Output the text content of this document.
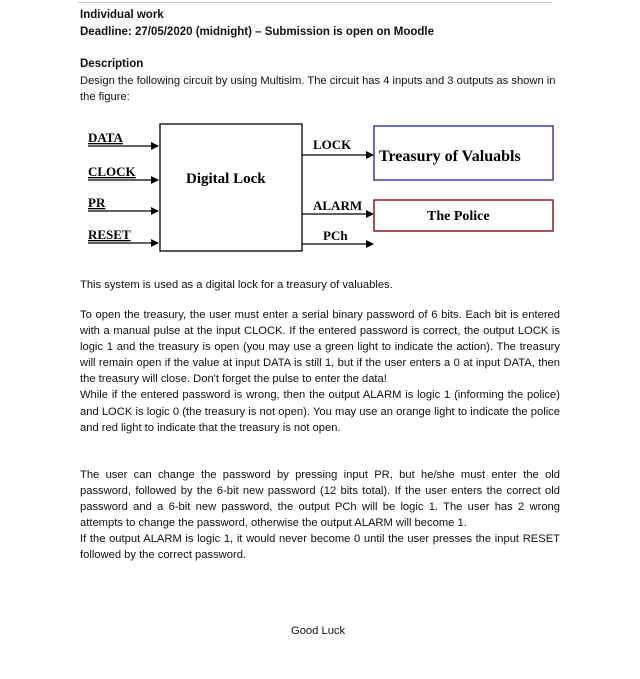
Individual work
Deadline: 27/05/2020 (midnight) – Submission is open on Moodle
Description
Design the following circuit by using Multisim. The circuit has 4 inputs and 3 outputs as shown in the figure:
This system is used as a digital lock for a treasury of valuables.

To open the treasury, the user must enter a serial binary password of 6 bits. Each bit is entered with a manual pulse at the input CLOCK. If the entered password is correct, the output LOCK is logic 1 and the treasury is open (you may use a green light to indicate the action). The treasury will remain open if the value at input DATA is still 1, but if the user enters a 0 at input DATA, then the treasury will close. Don't forget the pulse to enter the data!

While if the entered password is wrong, then the output ALARM is logic 1 (informing the police) and LOCK is logic 0 (the treasury is not open). You may use an orange light to indicate the police and red light to indicate that the treasury is not open.

The user can change the password by pressing input PR, but he/she must enter the old password, followed by the 6-bit new password (12 bits total). If the user enters the correct old password and a 6-bit new password, the output PCh will be logic 1. The user has 2 wrong attempts to change the password, otherwise the output ALARM will become 1.

If the output ALARM is logic 1, it would never become 0 until the user presses the input RESET followed by the correct password.

Digital Lock
DATA
CLOCK
PR
RESET
LOCK
ALARM
PCh
Treasury of Valuabls
The Police
Good Luck
